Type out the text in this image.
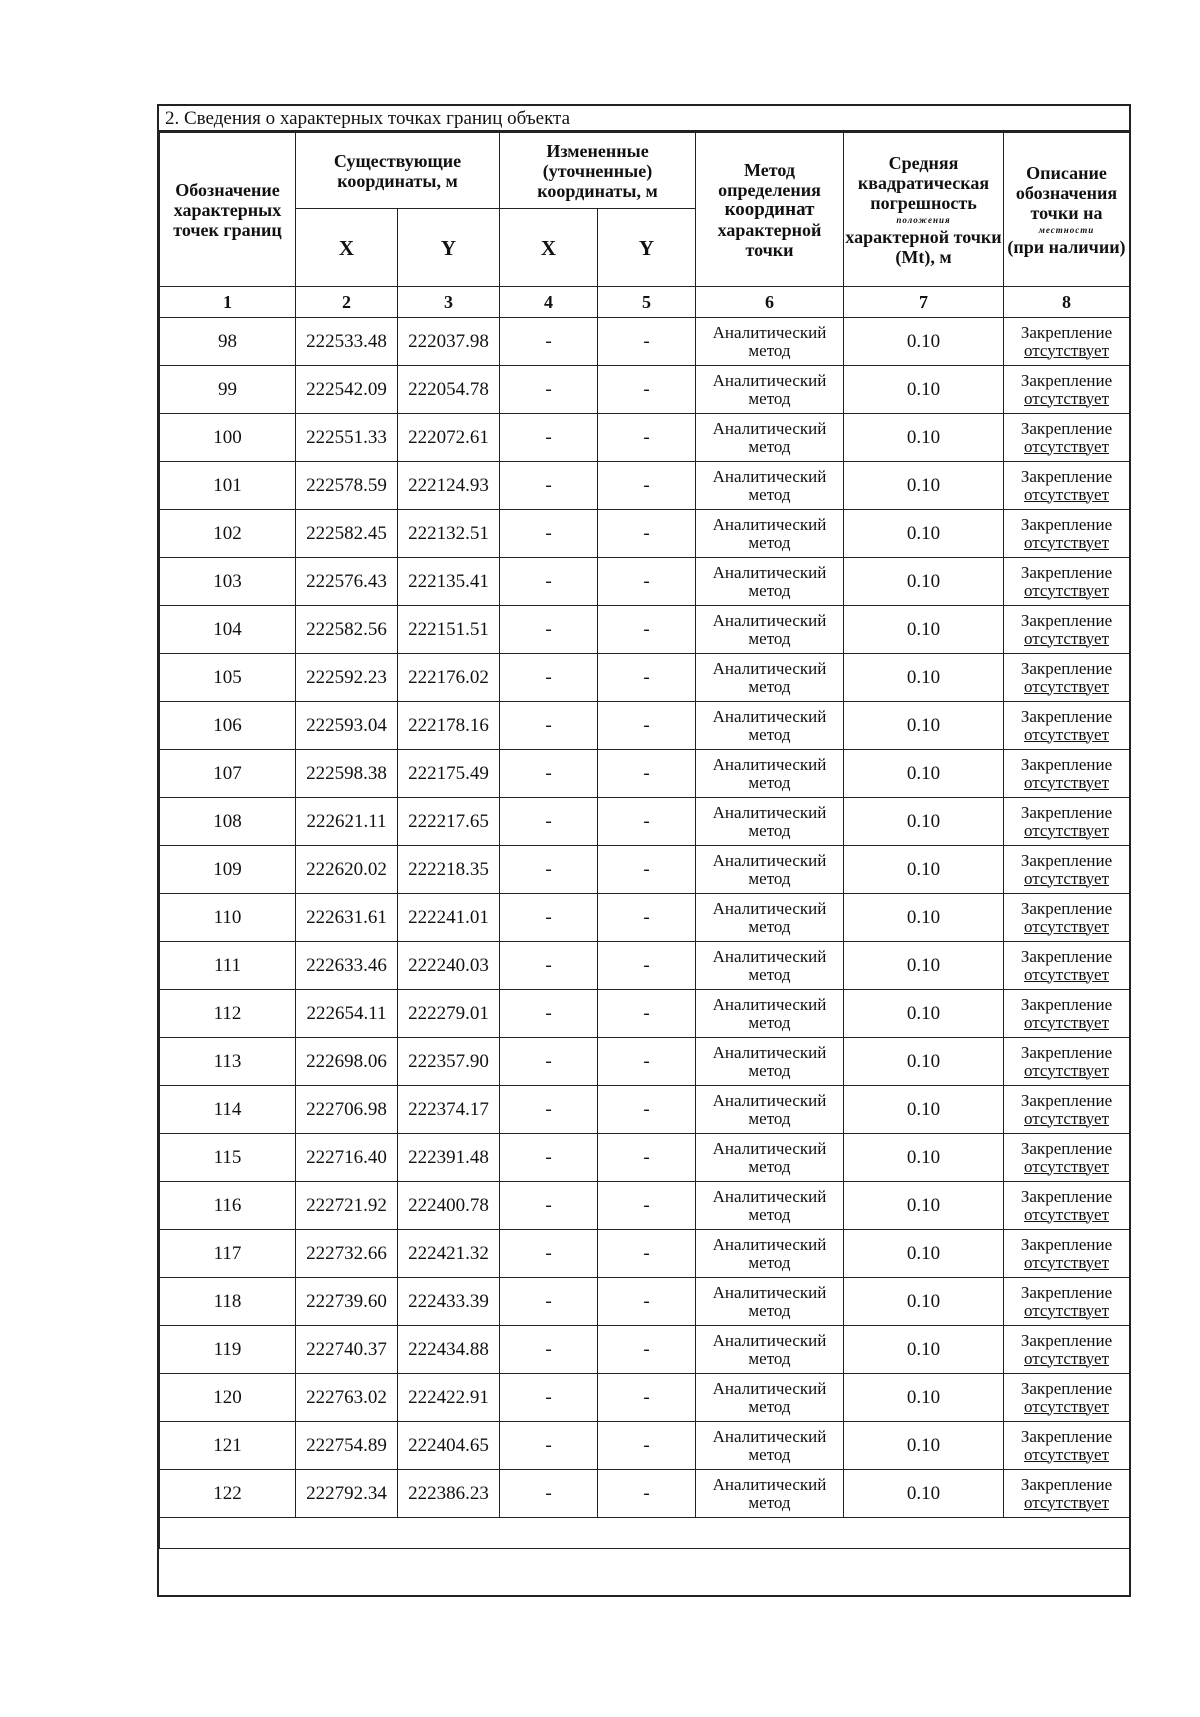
2. Сведения о характерных точках границ объекта
Обозначение характерных точек границ	Существующие координаты, м		Измененные (уточненные) координаты, м		Метод определения
координат
характерной точки	Средняя квадратическая погрешность
положения
характерной точки (Mt), м	Описание обозначения точки на
местности
(при наличии)

	X	Y	X	Y			
1	2	3	4	5	6	7	8
98	222533.48	222037.98	-	-	Аналитический
метод	0.10	Закрепление
отсутствует

99	222542.09	222054.78	-	-	Аналитический
метод	0.10	Закрепление
отсутствует

100	222551.33	222072.61	-	-	Аналитический
метод	0.10	Закрепление
отсутствует

101	222578.59	222124.93	-	-	Аналитический
метод	0.10	Закрепление
отсутствует

102	222582.45	222132.51	-	-	Аналитический
метод	0.10	Закрепление
отсутствует

103	222576.43	222135.41	-	-	Аналитический
метод	0.10	Закрепление
отсутствует

104	222582.56	222151.51	-	-	Аналитический
метод	0.10	Закрепление
отсутствует

105	222592.23	222176.02	-	-	Аналитический
метод	0.10	Закрепление
отсутствует

106	222593.04	222178.16	-	-	Аналитический
метод	0.10	Закрепление
отсутствует

107	222598.38	222175.49	-	-	Аналитический
метод	0.10	Закрепление
отсутствует

108	222621.11	222217.65	-	-	Аналитический
метод	0.10	Закрепление
отсутствует

109	222620.02	222218.35	-	-	Аналитический
метод	0.10	Закрепление
отсутствует

110	222631.61	222241.01	-	-	Аналитический
метод	0.10	Закрепление
отсутствует

111	222633.46	222240.03	-	-	Аналитический
метод	0.10	Закрепление
отсутствует

112	222654.11	222279.01	-	-	Аналитический
метод	0.10	Закрепление
отсутствует

113	222698.06	222357.90	-	-	Аналитический
метод	0.10	Закрепление
отсутствует

114	222706.98	222374.17	-	-	Аналитический
метод	0.10	Закрепление
отсутствует

115	222716.40	222391.48	-	-	Аналитический
метод	0.10	Закрепление
отсутствует

116	222721.92	222400.78	-	-	Аналитический
метод	0.10	Закрепление
отсутствует

117	222732.66	222421.32	-	-	Аналитический
метод	0.10	Закрепление
отсутствует

118	222739.60	222433.39	-	-	Аналитический
метод	0.10	Закрепление
отсутствует

119	222740.37	222434.88	-	-	Аналитический
метод	0.10	Закрепление
отсутствует

120	222763.02	222422.91	-	-	Аналитический
метод	0.10	Закрепление
отсутствует

121	222754.89	222404.65	-	-	Аналитический
метод	0.10	Закрепление
отсутствует

122	222792.34	222386.23	-	-	Аналитический
метод	0.10	Закрепление
отсутствует
